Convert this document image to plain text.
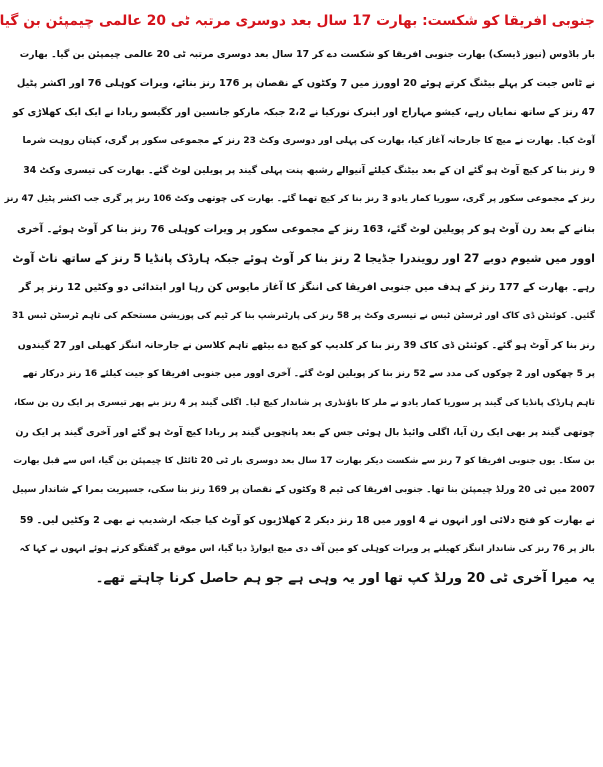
جنوبی افریقا کو شکست: بھارت 17 سال بعد دوسری مرتبہ ٹی 20 عالمی چیمپئن بن گیا
بار باڈوس (نیوز ڈیسک) بھارت جنوبی افریقا کو شکست دے کر 17 سال بعد دوسری مرتبہ ٹی 20 عالمی چیمپئن بن گیا۔ بھارت
نے ٹاس جیت کر پہلے بیٹنگ کرتے ہوئے 20 اوورز میں 7 وکٹوں کے نقصان پر 176 رنز بنائے، ویرات کوہلی 76 اور اکشر پٹیل
47 رنز کے ساتھ نمایاں رہے، کیشو مہاراج اور اینرک نورکیا نے 2،2 جبکہ مارکو جانسین اور کگیسو ربادا نے ایک ایک کھلاڑی کو
آوٹ کیا۔ بھارت نے میچ کا جارحانہ آغاز کیا، بھارت کی پہلی اور دوسری وکٹ 23 رنز کے مجموعی سکور پر گری، کپتان روہت شرما
9 رنز بنا کر کیچ آوٹ ہو گئے ان کے بعد بیٹنگ کیلئے آنیوالے رشبھ پنت پہلی گیند پر پویلین لوٹ گئے۔ بھارت کی تیسری وکٹ 34
رنز کے مجموعی سکور پر گری، سوریا کمار یادو 3 رنز بنا کر کیچ تھما گئے۔ بھارت کی چوتھی وکٹ 106 رنز پر گری جب اکشر پٹیل 47 رنز
بنانے کے بعد رن آوٹ ہو کر پویلین لوٹ گئے، 163 رنز کے مجموعی سکور پر ویرات کوہلی 76 رنز بنا کر آوٹ ہوئے۔ آخری
اوور میں شیوم دوبے 27 اور رویندرا جڈیجا 2 رنز بنا کر آوٹ ہوئے جبکہ ہارڈک پانڈیا 5 رنز کے ساتھ ناٹ آوٹ
رہے۔ بھارت کے 177 رنز کے ہدف میں جنوبی افریقا کی اننگز کا آغاز مایوس کن رہا اور ابتدائی دو وکٹیں 12 رنز پر گر
گئیں۔ کوئنٹن ڈی کاک اور ٹرسٹن ٹبس نے تیسری وکٹ پر 58 رنز کی پارٹنرشپ بنا کر ٹیم کی پوزیشن مستحکم کی تاہم ٹرسٹن ٹبس 31
رنز بنا کر آوٹ ہو گئے۔ کوئنٹن ڈی کاک 39 رنز بنا کر کلدیپ کو کیچ دے بیٹھے تاہم کلاسن نے جارحانہ اننگز کھیلی اور 27 گیندوں
پر 5 چھکوں اور 2 چوکوں کی مدد سے 52 رنز بنا کر پویلین لوٹ گئے۔ آخری اوور میں جنوبی افریقا کو جیت کیلئے 16 رنز درکار تھے
تاہم ہارڈک پانڈیا کی گیند پر سوریا کمار یادو نے ملر کا باؤنڈری پر شاندار کیچ لیا۔ اگلی گیند پر 4 رنز بنے پھر تیسری پر ایک رن بن سکا،
چوتھی گیند پر بھی ایک رن آیا، اگلی وائیڈ بال ہوئی جس کے بعد پانچویں گیند پر ربادا کیچ آوٹ ہو گئے اور آخری گیند پر ایک رن
بن سکا۔ یوں جنوبی افریقا کو 7 رنز سے شکست دیکر بھارت 17 سال بعد دوسری بار ٹی 20 ٹائٹل کا چیمپئن بن گیا، اس سے قبل بھارت
2007 میں ٹی 20 ورلڈ چیمپئن بنا تھا۔ جنوبی افریقا کی ٹیم 8 وکٹوں کے نقصان پر 169 رنز بنا سکی، جسپریت بمرا کے شاندار سپیل
نے بھارت کو فتح دلائی اور انہوں نے 4 اوور میں 18 رنز دیکر 2 کھلاڑیوں کو آوٹ کیا جبکہ ارشدیپ نے بھی 2 وکٹیں لیں۔ 59
بالز پر 76 رنز کی شاندار اننگز کھیلنے پر ویرات کوہلی کو مین آف دی میچ ایوارڈ دیا گیا، اس موقع پر گفتگو کرتے ہوئے انہوں نے کہا کہ
یہ میرا آخری ٹی 20 ورلڈ کپ تھا اور یہ وہی ہے جو ہم حاصل کرنا چاہتے تھے۔
